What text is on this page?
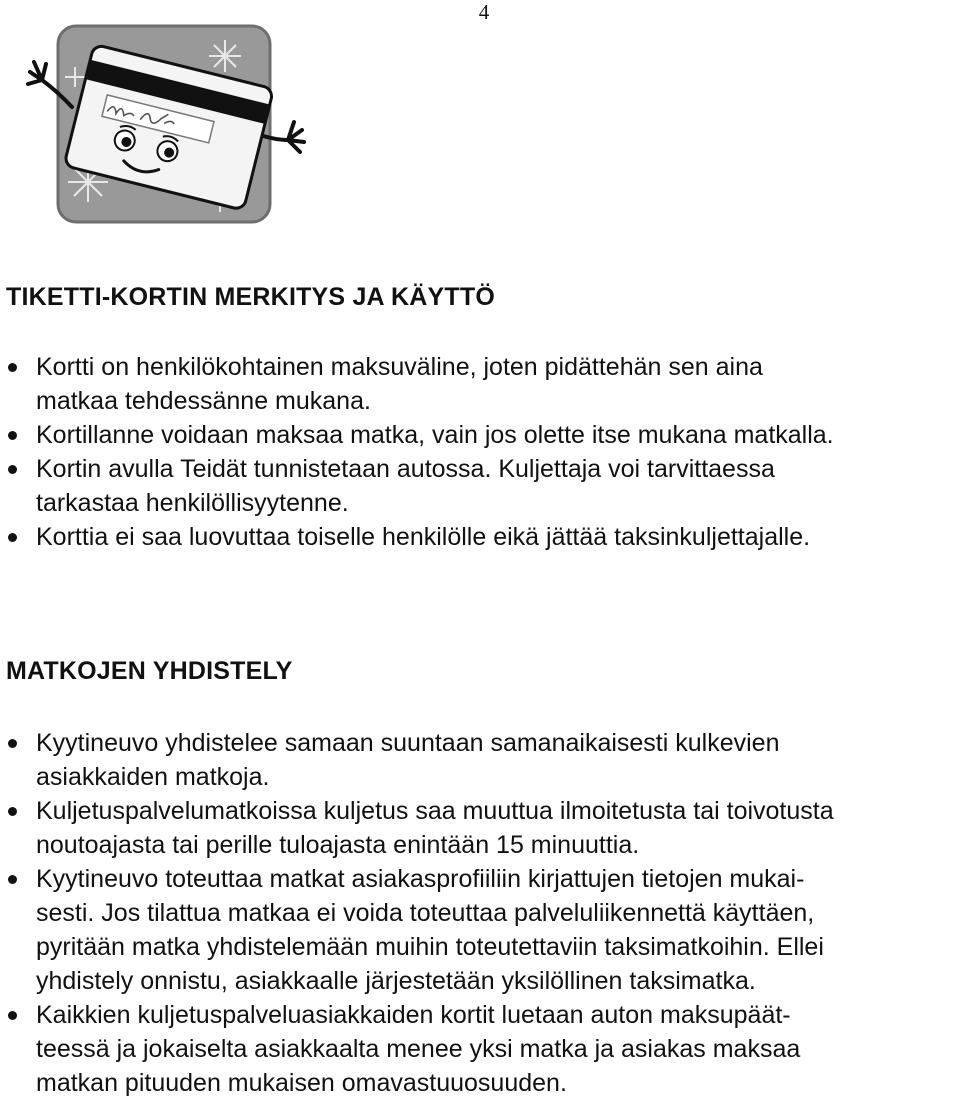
4
TIKETTI-KORTIN MERKITYS JA KÄYTTÖ
Kortti on henkilökohtainen maksuväline, joten pidättehän sen aina
matkaa tehdessänne mukana.
Kortillanne voidaan maksaa matka, vain jos olette itse mukana matkalla.
Kortin avulla Teidät tunnistetaan autossa. Kuljettaja voi tarvittaessa
tarkastaa henkilöllisyytenne.
Korttia ei saa luovuttaa toiselle henkilölle eikä jättää taksinkuljettajalle.
MATKOJEN YHDISTELY
Kyytineuvo yhdistelee samaan suuntaan samanaikaisesti kulkevien
asiakkaiden matkoja.
Kuljetuspalvelumatkoissa kuljetus saa muuttua ilmoitetusta tai toivotusta
noutoajasta tai perille tuloajasta enintään 15 minuuttia.
Kyytineuvo toteuttaa matkat asiakasprofiiliin kirjattujen tietojen mukai-
sesti. Jos tilattua matkaa ei voida toteuttaa palveluliikennettä käyttäen,
pyritään matka yhdistelemään muihin toteutettaviin taksimatkoihin. Ellei
yhdistely onnistu, asiakkaalle järjestetään yksilöllinen taksimatka.
Kaikkien kuljetuspalveluasiakkaiden kortit luetaan auton maksupäät-
teessä ja jokaiselta asiakkaalta menee yksi matka ja asiakas maksaa
matkan pituuden mukaisen omavastuuosuuden.
